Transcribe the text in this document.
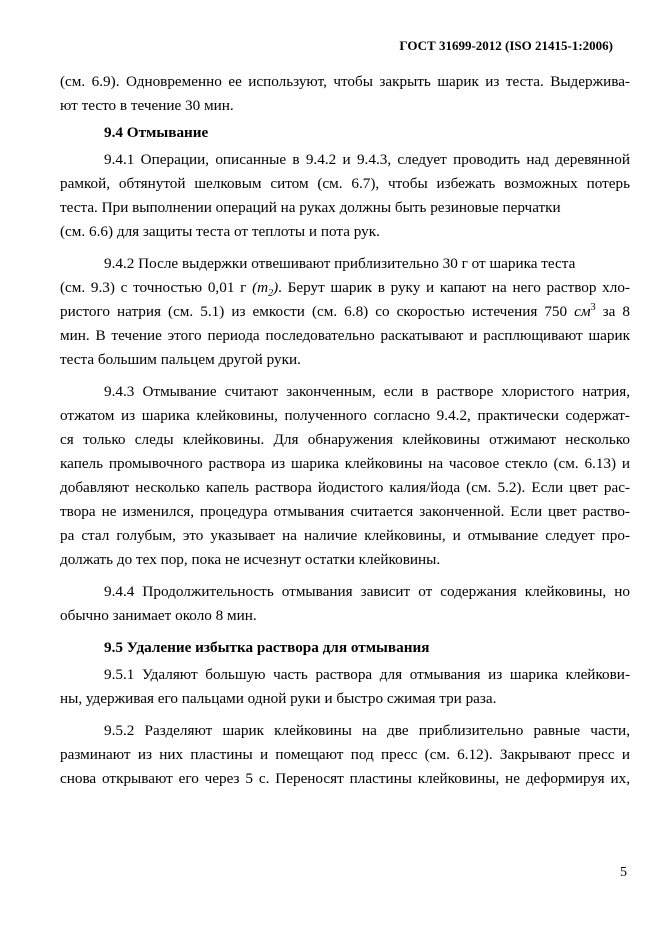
ГОСТ 31699-2012 (ISO 21415-1:2006)
(см. 6.9). Одновременно ее используют, чтобы закрыть шарик из теста. Выдержива-
ют тесто в течение 30 мин.
9.4 Отмывание
9.4.1 Операции, описанные в 9.4.2 и 9.4.3, следует проводить над деревянной
рамкой, обтянутой шелковым ситом (см. 6.7), чтобы избежать возможных потерь
теста. При выполнении операций на руках должны быть резиновые перчатки
(см. 6.6) для защиты теста от теплоты и пота рук.
9.4.2 После выдержки отвешивают приблизительно 30 г от шарика теста
(см. 9.3) с точностью 0,01 г $(m_2)$. Берут шарик в руку и капают на него раствор хло-
ристого натрия (см. 5.1) из емкости (см. 6.8) со скоростью истечения 750 $см^3$ за 8
мин. В течение этого периода последовательно раскатывают и расплющивают шарик
теста большим пальцем другой руки.
9.4.3 Отмывание считают законченным, если в растворе хлористого натрия,
отжатом из шарика клейковины, полученного согласно 9.4.2, практически содержат-
ся только следы клейковины. Для обнаружения клейковины отжимают несколько
капель промывочного раствора из шарика клейковины на часовое стекло (см. 6.13) и
добавляют несколько капель раствора йодистого калия/йода (см. 5.2). Если цвет рас-
твора не изменился, процедура отмывания считается законченной. Если цвет раство-
ра стал голубым, это указывает на наличие клейковины, и отмывание следует про-
должать до тех пор, пока не исчезнут остатки клейковины.
9.4.4 Продолжительность отмывания зависит от содержания клейковины, но
обычно занимает около 8 мин.
9.5 Удаление избытка раствора для отмывания
9.5.1 Удаляют большую часть раствора для отмывания из шарика клейкови-
ны, удерживая его пальцами одной руки и быстро сжимая три раза.
9.5.2 Разделяют шарик клейковины на две приблизительно равные части,
разминают из них пластины и помещают под пресс (см. 6.12). Закрывают пресс и
снова открывают его через 5 с. Переносят пластины клейковины, не деформируя их,
5
